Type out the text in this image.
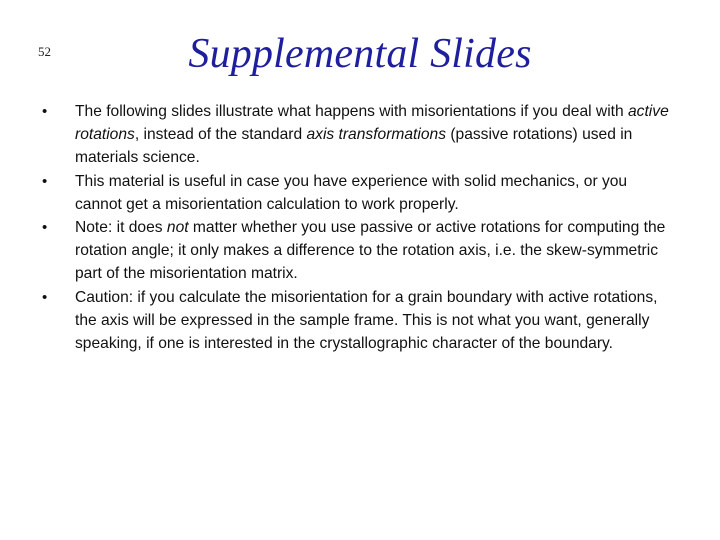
52	Supplemental Slides
• The following slides illustrate what happens with misorientations if you deal with active rotations, instead of the standard axis transformations (passive rotations) used in materials science.
• This material is useful in case you have experience with solid mechanics, or you cannot get a misorientation calculation to work properly.
• Note: it does not matter whether you use passive or active rotations for computing the rotation angle; it only makes a difference to the rotation axis, i.e. the skew-symmetric part of the misorientation matrix.
• Caution: if you calculate the misorientation for a grain boundary with active rotations, the axis will be expressed in the sample frame. This is not what you want, generally speaking, if one is interested in the crystallographic character of the boundary.
